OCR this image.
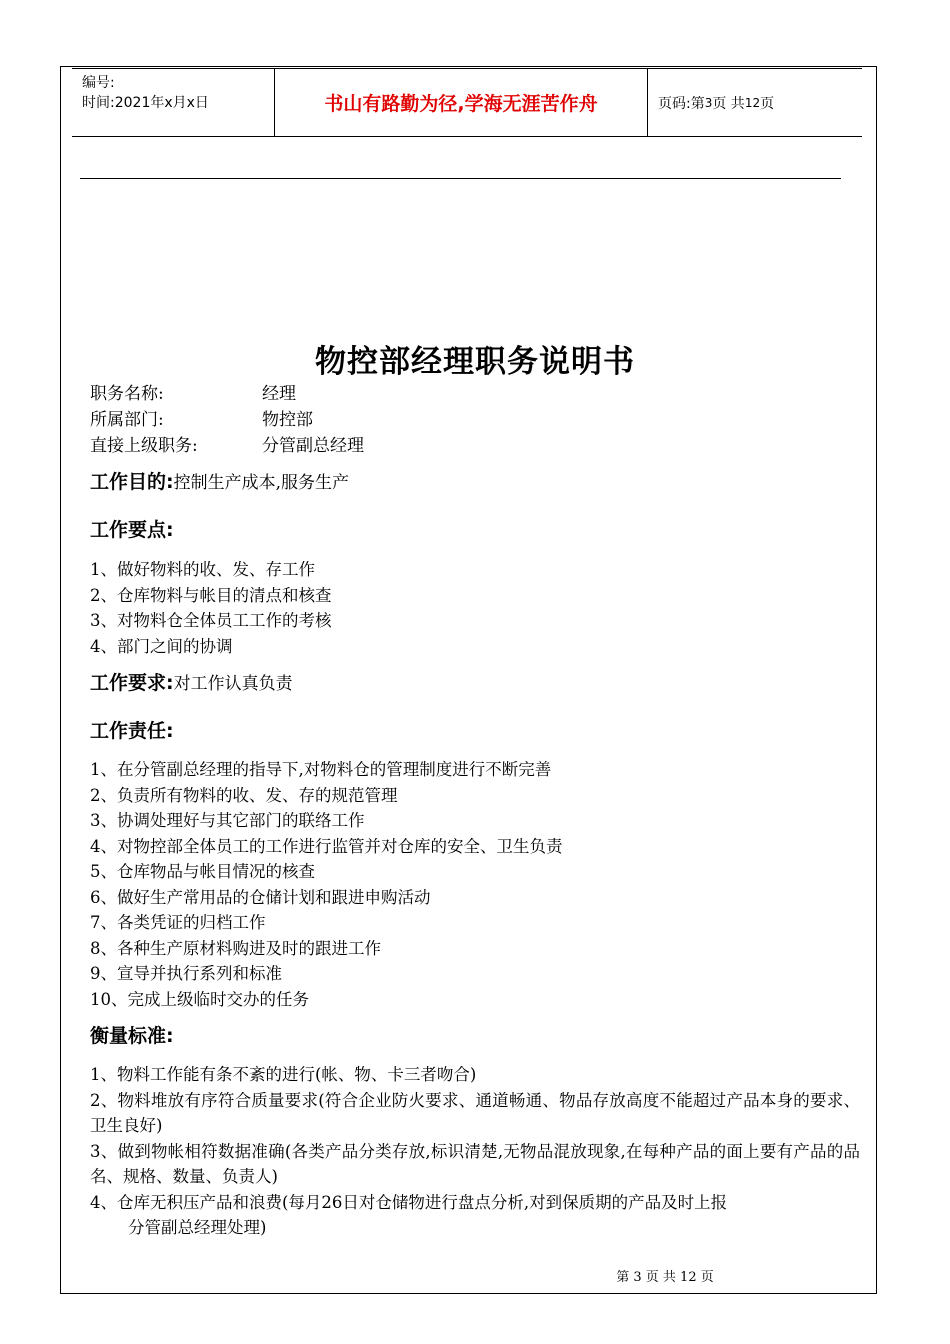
编号:
时间:2021年x月x日	书山有路勤为径,学海无涯苦作舟	页码:第 3 页 共 12 页
物控部经理职务说明书
职务名称:	经理
所属部门:	物控部
直接上级职务:	分管副总经理
工作目的:控制生产成本,服务生产
工作要点:
1、做好物料的收、发、存工作
2、仓库物料与帐目的清点和核查
3、对物料仓全体员工工作的考核
4、部门之间的协调
工作要求:对工作认真负责
工作责任:
1、在分管副总经理的指导下,对物料仓的管理制度进行不断完善
2、负责所有物料的收、发、存的规范管理
3、协调处理好与其它部门的联络工作
4、对物控部全体员工的工作进行监管并对仓库的安全、卫生负责
5、仓库物品与帐目情况的核查
6、做好生产常用品的仓储计划和跟进申购活动
7、各类凭证的归档工作
8、各种生产原材料购进及时的跟进工作
9、宣导并执行系列和标准
10、完成上级临时交办的任务
衡量标准:
1、物料工作能有条不紊的进行(帐、物、卡三者吻合)
2、物料堆放有序符合质量要求(符合企业防火要求、通道畅通、物品存放高度不能超过产品本身的要求、卫生良好)
3、做到物帐相符数据准确(各类产品分类存放,标识清楚,无物品混放现象,在每种产品的面上要有产品的品名、规格、数量、负责人)
4、仓库无积压产品和浪费(每月26日对仓储物进行盘点分析,对到保质期的产品及时上报
分管副总经理处理)
第 3 页 共 12 页
